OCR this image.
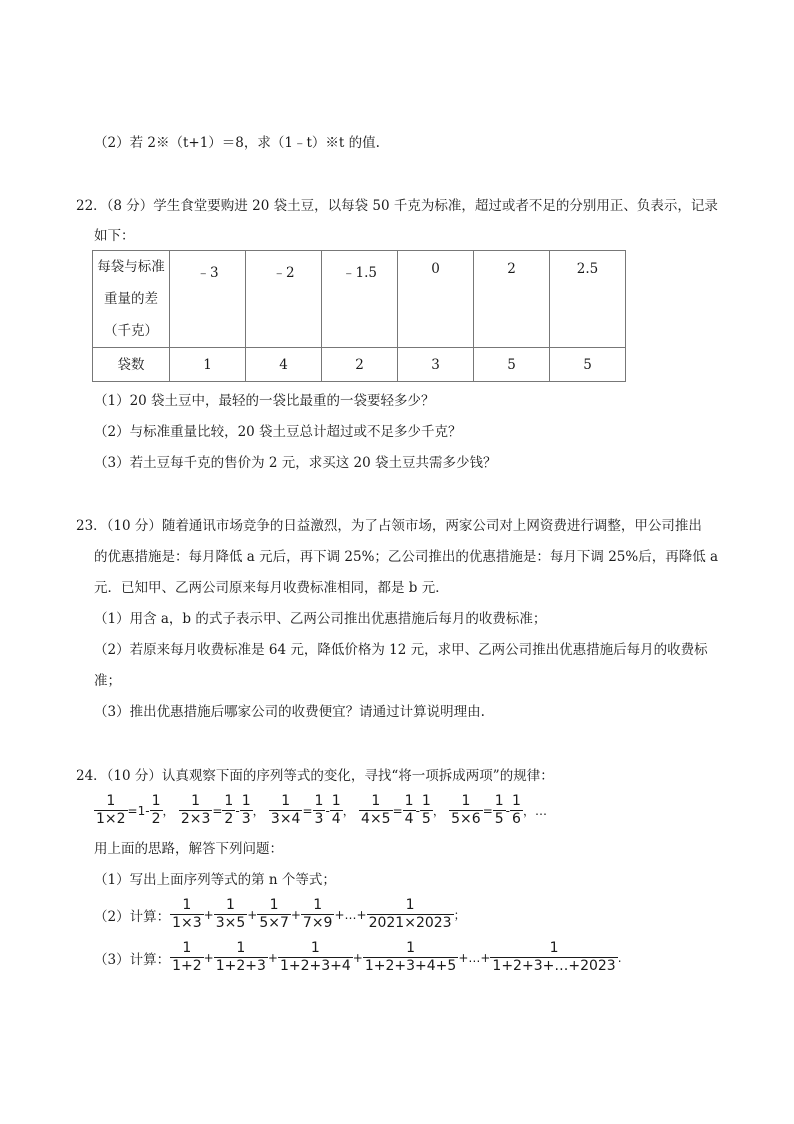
（2）若 2※（t+1）＝8，求（1﹣t）※t 的值.
22．（8 分）学生食堂要购进 20 袋土豆，以每袋 50 千克为标准，超过或者不足的分别用正、负表示，记录
如下：
每袋与标准
重量的差
（千克）	﹣3	﹣2	﹣1.5	0	2	2.5
袋数	1	4	2	3	5	5
（1）20 袋土豆中，最轻的一袋比最重的一袋要轻多少？
（2）与标准重量比较，20 袋土豆总计超过或不足多少千克？
（3）若土豆每千克的售价为 2 元，求买这 20 袋土豆共需多少钱？
23．（10 分）随着通讯市场竞争的日益激烈，为了占领市场，两家公司对上网资费进行调整，甲公司推出
的优惠措施是：每月降低 a 元后，再下调 25%；乙公司推出的优惠措施是：每月下调 25%后，再降低 a
元．已知甲、乙两公司原来每月收费标准相同，都是 b 元．
（1）用含 a，b 的式子表示甲、乙两公司推出优惠措施后每月的收费标准；
（2）若原来每月收费标准是 64 元，降低价格为 12 元，求甲、乙两公司推出优惠措施后每月的收费标
准；
（3）推出优惠措施后哪家公司的收费便宜？请通过计算说明理由.
24．（10 分）认真观察下面的序列等式的变化，寻找“将一项拆成两项”的规律：
$\frac{1}{1\times 2} =1- \frac{1}{2}$ ， $\frac{1}{2\times 3} = \frac{1}{2} - \frac{1}{3}$ ， $\frac{1}{3\times 4} = \frac{1}{3} - \frac{1}{4}$ ， $\frac{1}{4\times 5} = \frac{1}{4} - \frac{1}{5}$ ， $\frac{1}{5\times 6} = \frac{1}{5} - \frac{1}{6}$ ，…
用上面的思路，解答下列问题：
（1）写出上面序列等式的第 n 个等式；
（2）计算： $\frac{1}{1\times 3} + \frac{1}{3\times 5} + \frac{1}{5\times 7} + \frac{1}{7\times 9}$ +…+ $\frac{1}{2021\times 2023}$ ；
（3）计算： $\frac{1}{1+2} + \frac{1}{1+2+3} + \frac{1}{1+2+3+4} + \frac{1}{1+2+3+4+5}$ +…+ $\frac{1}{1+2+3+\dots+2023}$ .
